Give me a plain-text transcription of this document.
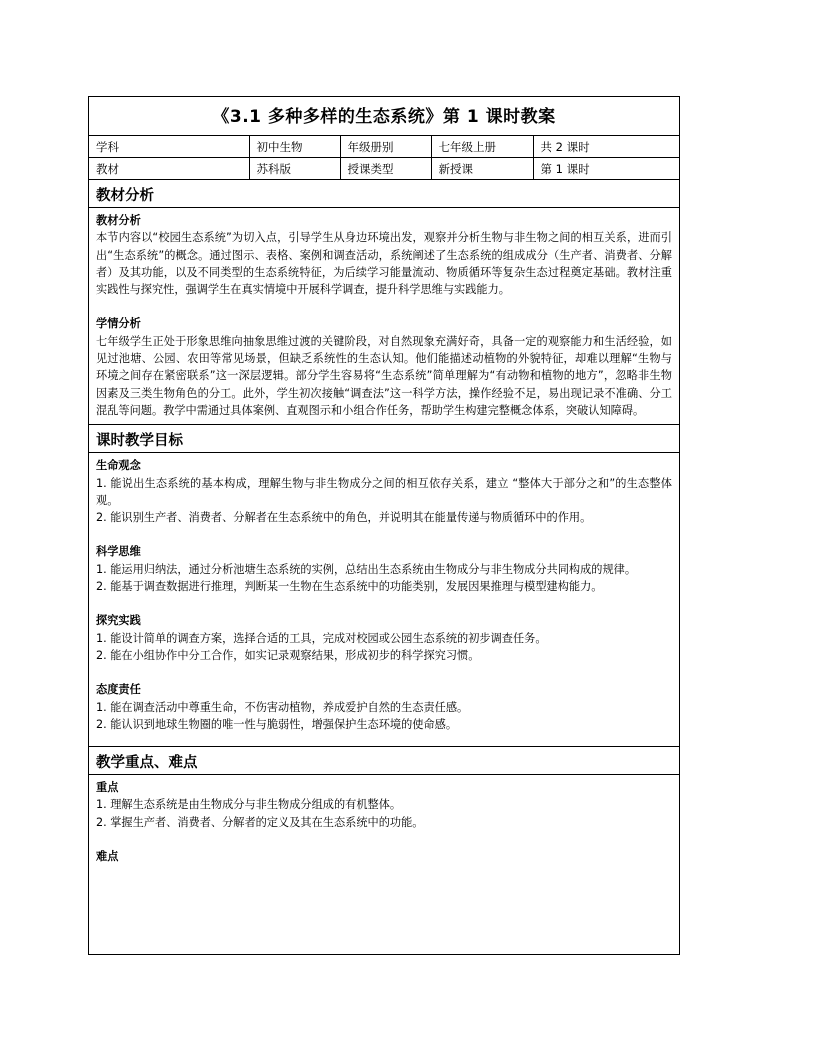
《3.1 多种多样的生态系统》第 1 课时教案
学科	初中生物	年级册别	七年级上册	共 2 课时
教材	苏科版	授课类型	新授课	第 1 课时
教材分析
教材分析
本节内容以“校园生态系统”为切入点，引导学生从身边环境出发，观察并分析生物与非生物之间的相互关系，进而引出“生态系统”的概念。通过图示、表格、案例和调查活动，系统阐述了生态系统的组成成分（生产者、消费者、分解者）及其功能，以及不同类型的生态系统特征，为后续学习能量流动、物质循环等复杂生态过程奠定基础。教材注重实践性与探究性，强调学生在真实情境中开展科学调查，提升科学思维与实践能力。
学情分析
七年级学生正处于形象思维向抽象思维过渡的关键阶段，对自然现象充满好奇，具备一定的观察能力和生活经验，如见过池塘、公园、农田等常见场景，但缺乏系统性的生态认知。他们能描述动植物的外貌特征，却难以理解“生物与环境之间存在紧密联系”这一深层逻辑。部分学生容易将“生态系统”简单理解为“有动物和植物的地方”，忽略非生物因素及三类生物角色的分工。此外，学生初次接触“调查法”这一科学方法，操作经验不足，易出现记录不准确、分工混乱等问题。教学中需通过具体案例、直观图示和小组合作任务，帮助学生构建完整概念体系，突破认知障碍。
课时教学目标
生命观念
1. 能说出生态系统的基本构成，理解生物与非生物成分之间的相互依存关系，建立 “整体大于部分之和”的生态整体观。
2. 能识别生产者、消费者、分解者在生态系统中的角色，并说明其在能量传递与物质循环中的作用。
科学思维
1. 能运用归纳法，通过分析池塘生态系统的实例，总结出生态系统由生物成分与非生物成分共同构成的规律。
2. 能基于调查数据进行推理，判断某一生物在生态系统中的功能类别，发展因果推理与模型建构能力。
探究实践
1. 能设计简单的调查方案，选择合适的工具，完成对校园或公园生态系统的初步调查任务。
2. 能在小组协作中分工合作，如实记录观察结果，形成初步的科学探究习惯。
态度责任
1. 能在调查活动中尊重生命，不伤害动植物，养成爱护自然的生态责任感。
2. 能认识到地球生物圈的唯一性与脆弱性，增强保护生态环境的使命感。
教学重点、难点
重点
1. 理解生态系统是由生物成分与非生物成分组成的有机整体。
2. 掌握生产者、消费者、分解者的定义及其在生态系统中的功能。
难点
